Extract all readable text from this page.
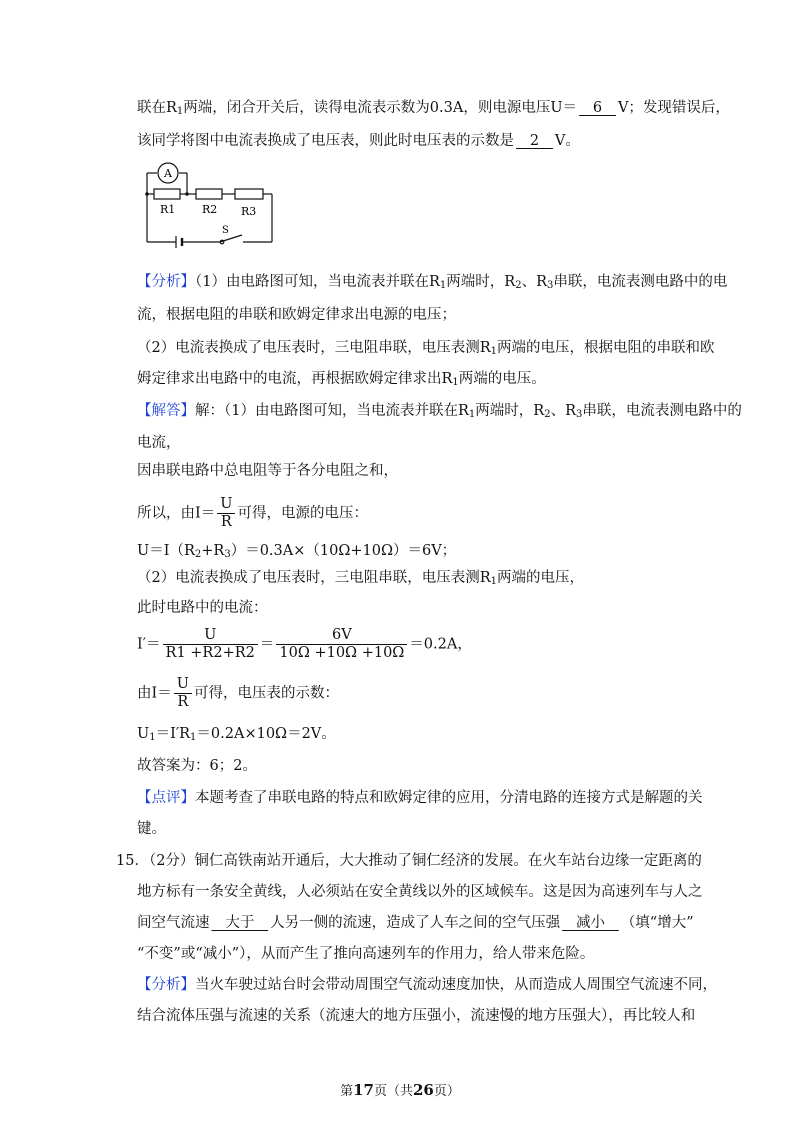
联在$R_1$两端，闭合开关后，读得电流表示数为0.3A，则电源电压U＝ 6 V；发现错误后，
该同学将图中电流表换成了电压表，则此时电压表的示数是 2 V。
A
R1 R2 R3
S
【分析】（1）由电路图可知，当电流表并联在$R_1$两端时，$R_2$、$R_3$串联，电流表测电路中的电
流，根据电阻的串联和欧姆定律求出电源的电压；
（2）电流表换成了电压表时，三电阻串联，电压表测$R_1$两端的电压，根据电阻的串联和欧
姆定律求出电路中的电流，再根据欧姆定律求出$R_1$两端的电压。
【解答】解：（1）由电路图可知，当电流表并联在$R_1$两端时，$R_2$、$R_3$串联，电流表测电路中的
电流，
因串联电路中总电阻等于各分电阻之和，
所以，由$I= \frac{U}{R}$ 可得，电源的电压：
$U=I(R_2+R_3)=0.3A\times(10\Omega+10\Omega)=6V$；
（2）电流表换成了电压表时，三电阻串联，电压表测$R_1$两端的电压，
此时电路中的电流：
$I'= \frac{U}{R1 +R2+R2} = \frac{6V}{10\Omega +10\Omega +10\Omega} =0.2A$，
由$I= \frac{U}{R}$ 可得，电压表的示数：
$U_1=I'R_1=0.2A\times 10\Omega=2V$。
故答案为：6；2。
【点评】本题考查了串联电路的特点和欧姆定律的应用，分清电路的连接方式是解题的关
键。
15．（2分）铜仁高铁南站开通后，大大推动了铜仁经济的发展。在火车站台边缘一定距离的
地方标有一条安全黄线，人必须站在安全黄线以外的区域候车。这是因为高速列车与人之
间空气流速 大于 人另一侧的流速，造成了人车之间的空气压强 减小 （填“增大”
“不变”或“减小”），从而产生了推向高速列车的作用力，给人带来危险。
【分析】当火车驶过站台时会带动周围空气流动速度加快，从而造成人周围空气流速不同，
结合流体压强与流速的关系（流速大的地方压强小，流速慢的地方压强大），再比较人和
第17页（共26页）
